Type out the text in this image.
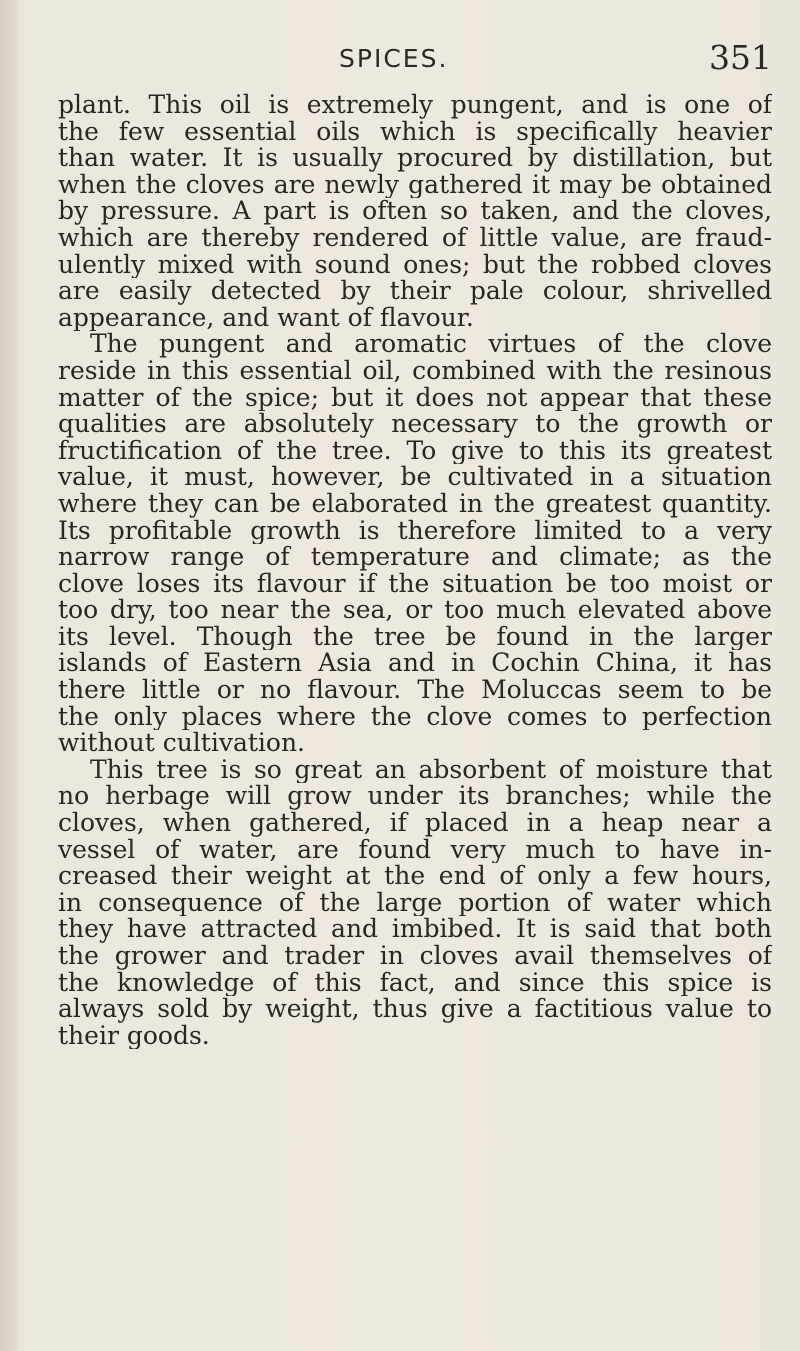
SPICES.	351
plant. This oil is extremely pungent, and is one of
the few essential oils which is specifically heavier
than water. It is usually procured by distillation, but
when the cloves are newly gathered it may be obtained
by pressure. A part is often so taken, and the cloves,
which are thereby rendered of little value, are fraud-
ulently mixed with sound ones; but the robbed cloves
are easily detected by their pale colour, shrivelled
appearance, and want of flavour.
The pungent and aromatic virtues of the clove
reside in this essential oil, combined with the resinous
matter of the spice; but it does not appear that these
qualities are absolutely necessary to the growth or
fructification of the tree. To give to this its greatest
value, it must, however, be cultivated in a situation
where they can be elaborated in the greatest quantity.
Its profitable growth is therefore limited to a very
narrow range of temperature and climate; as the
clove loses its flavour if the situation be too moist or
too dry, too near the sea, or too much elevated above
its level. Though the tree be found in the larger
islands of Eastern Asia and in Cochin China, it has
there little or no flavour. The Moluccas seem to be
the only places where the clove comes to perfection
without cultivation.
This tree is so great an absorbent of moisture that
no herbage will grow under its branches; while the
cloves, when gathered, if placed in a heap near a
vessel of water, are found very much to have in-
creased their weight at the end of only a few hours,
in consequence of the large portion of water which
they have attracted and imbibed. It is said that both
the grower and trader in cloves avail themselves of
the knowledge of this fact, and since this spice is
always sold by weight, thus give a factitious value to
their goods.
